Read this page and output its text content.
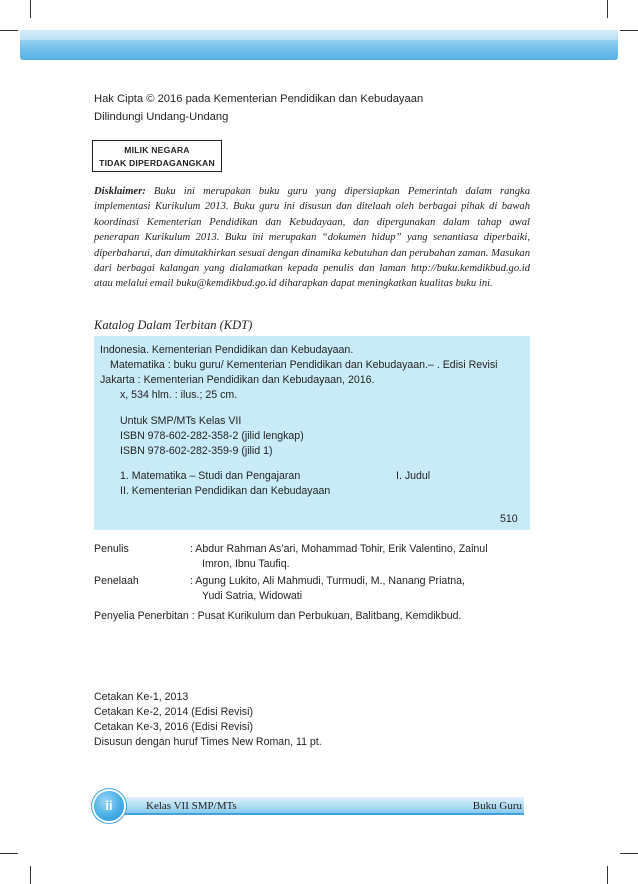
Hak Cipta © 2016 pada Kementerian Pendidikan dan Kebudayaan
Dilindungi Undang-Undang
MILIK NEGARA
TIDAK DIPERDAGANGKAN
Disklaimer: Buku ini merupakan buku guru yang dipersiapkan Pemerintah dalam rangka implementasi Kurikulum 2013. Buku guru ini disusun dan ditelaah oleh berbagai pihak di bawah koordinasi Kementerian Pendidikan dan Kebudayaan, dan dipergunakan dalam tahap awal penerapan Kurikulum 2013. Buku ini merupakan “dokumen hidup” yang senantiasa diperbaiki, diperbaharui, dan dimutakhirkan sesuai dengan dinamika kebutuhan dan perubahan zaman. Masukan dari berbagai kalangan yang dialamatkan kepada penulis dan laman http://buku.kemdikbud.go.id atau melalui email buku@kemdikbud.go.id diharapkan dapat meningkatkan kualitas buku ini.
Katalog Dalam Terbitan (KDT)
Indonesia. Kementerian Pendidikan dan Kebudayaan.
Matematika : buku guru/ Kementerian Pendidikan dan Kebudayaan.– . Edisi Revisi
Jakarta : Kementerian Pendidikan dan Kebudayaan, 2016.
x, 534 hlm. : ilus.; 25 cm.
Untuk SMP/MTs Kelas VII
ISBN 978-602-282-358-2 (jilid lengkap)
ISBN 978-602-282-359-9 (jilid 1)
1. Matematika – Studi dan Pengajaran	I. Judul
II. Kementerian Pendidikan dan Kebudayaan
510
Penulis	: Abdur Rahman As’ari, Mohammad Tohir, Erik Valentino, Zainul
Imron, Ibnu Taufiq.
Penelaah	: Agung Lukito, Ali Mahmudi, Turmudi, M., Nanang Priatna,
Yudi Satria, Widowati
Penyelia Penerbitan : Pusat Kurikulum dan Perbukuan, Balitbang, Kemdikbud.
Cetakan Ke-1, 2013
Cetakan Ke-2, 2014 (Edisi Revisi)
Cetakan Ke-3, 2016 (Edisi Revisi)
Disusun dengan huruf Times New Roman, 11 pt.
ii	Kelas VII SMP/MTs	Buku Guru
